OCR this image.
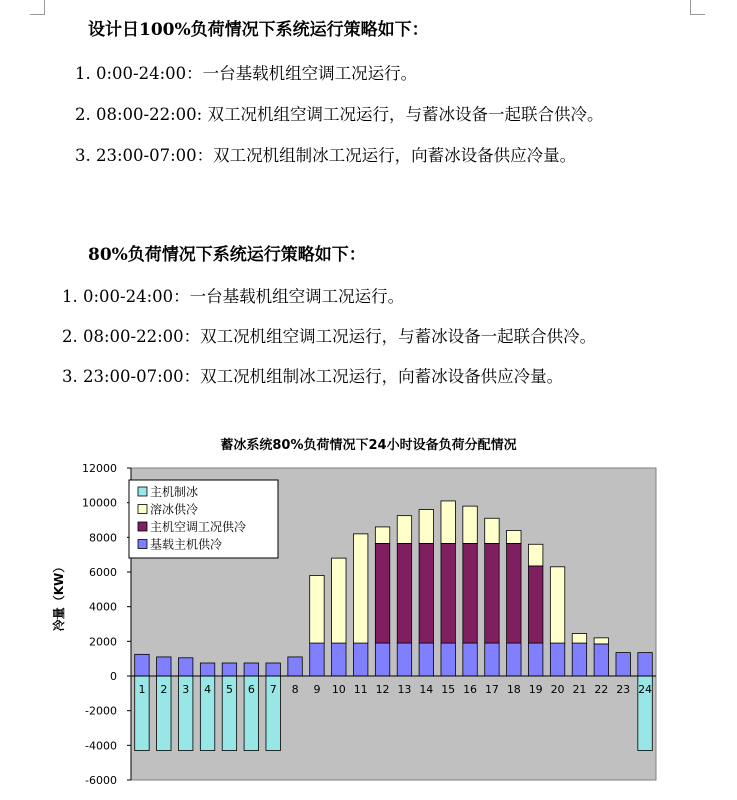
设计日100%负荷情况下系统运行策略如下：
1. 0:00-24:00：一台基载机组空调工况运行。
2. 08:00-22:00: 双工况机组空调工况运行，与蓄冰设备一起联合供冷。
3. 23:00-07:00：双工况机组制冰工况运行，向蓄冰设备供应冷量。
80%负荷情况下系统运行策略如下：
1. 0:00-24:00：一台基载机组空调工况运行。
2. 08:00-22:00：双工况机组空调工况运行，与蓄冰设备一起联合供冷。
3. 23:00-07:00：双工况机组制冰工况运行，向蓄冰设备供应冷量。
蓄冰系统80%负荷情况下24小时设备负荷分配情况
-6000
-4000
-2000
0
2000
4000
6000
8000
10000
12000
冷量（KW）
1 2 3 4 5 6 7 8 9 10 11 12 13 14 15 16 17 18 19 20 21 22 23 24
主机制冰
溶冰供冷
主机空调工况供冷
基载主机供冷
